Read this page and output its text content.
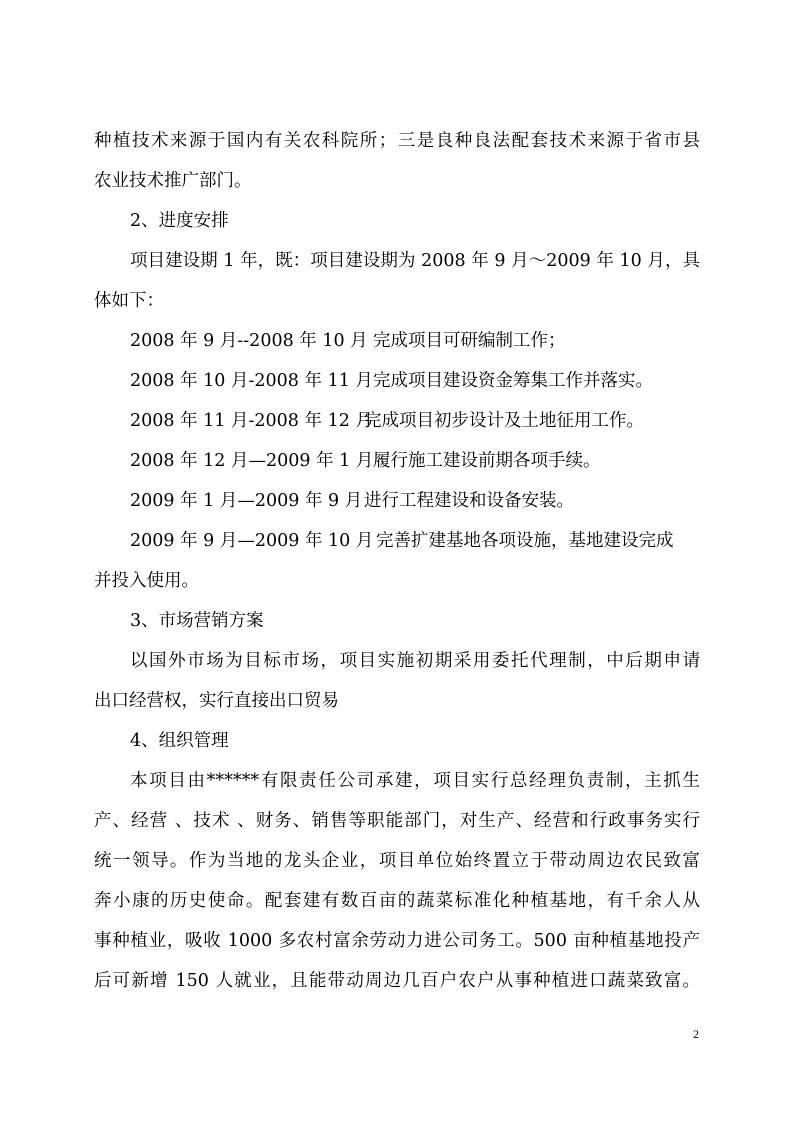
种植技术来源于国内有关农科院所；三是良种良法配套技术来源于省市县
农业技术推广部门。
2、进度安排
项目建设期 1 年，既：项目建设期为 2008 年 9 月～2009 年 10 月，具
体如下：
2008 年 9 月--2008 年 10 月 完成项目可研编制工作；
2008 年 10 月-2008 年 11 月完成项目建设资金筹集工作并落实。
2008 年 11 月-2008 年 12 月完成项目初步设计及土地征用工作。
2008 年 12 月—2009 年 1 月履行施工建设前期各项手续。
2009 年 1 月—2009 年 9 月 进行工程建设和设备安装。
2009 年 9 月—2009 年 10 月 完善扩建基地各项设施，基地建设完成
并投入使用。
3、市场营销方案
以国外市场为目标市场，项目实施初期采用委托代理制，中后期申请
出口经营权，实行直接出口贸易
4、组织管理
本项目由******有限责任公司承建，项目实行总经理负责制，主抓生
产、经营 、技术 、财务、销售等职能部门，对生产、经营和行政事务实行
统一领导。作为当地的龙头企业，项目单位始终置立于带动周边农民致富
奔小康的历史使命。配套建有数百亩的蔬菜标准化种植基地，有千余人从
事种植业，吸收 1000 多农村富余劳动力进公司务工。500 亩种植基地投产
后可新增 150 人就业，且能带动周边几百户农户从事种植进口蔬菜致富。
2
